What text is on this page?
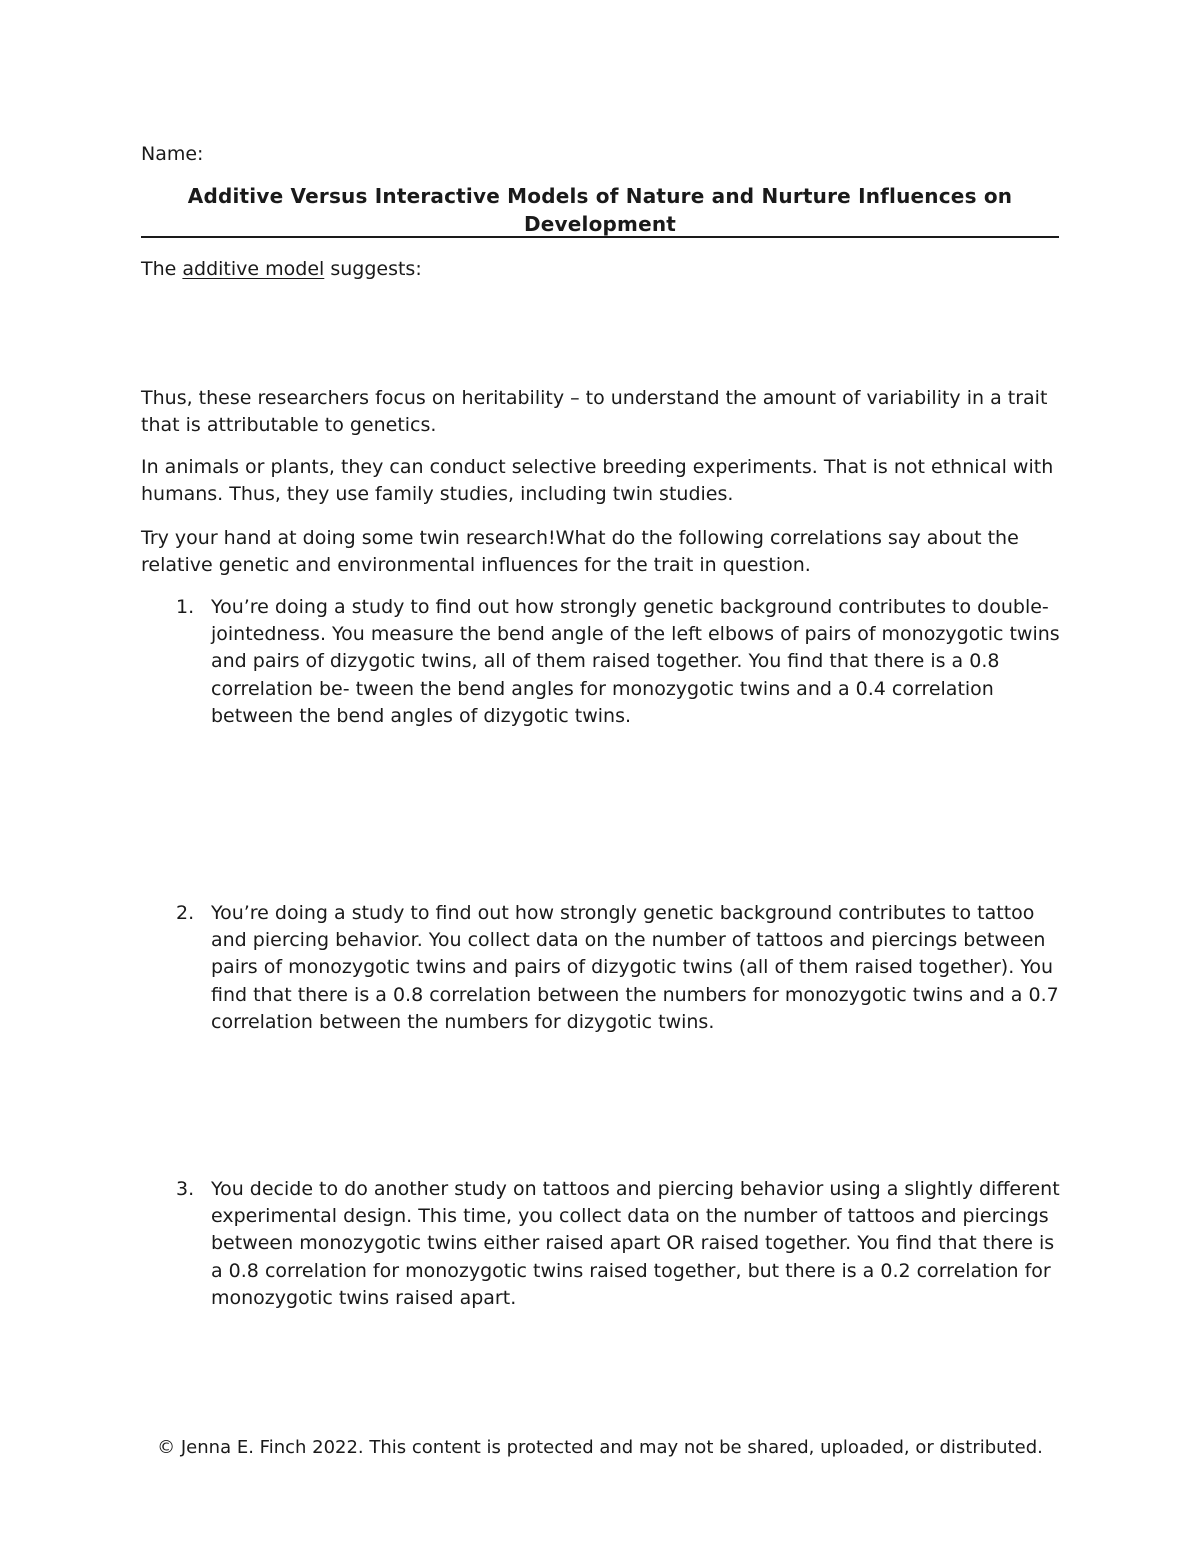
Name:
Additive Versus Interactive Models of Nature and Nurture Influences on Development
The additive model suggests:
Thus, these researchers focus on heritability – to understand the amount of variability in a trait that is attributable to genetics.
In animals or plants, they can conduct selective breeding experiments. That is not ethnical with humans. Thus, they use family studies, including twin studies.
Try your hand at doing some twin research!What do the following correlations say about the relative genetic and environmental influences for the trait in question.
1. You’re doing a study to find out how strongly genetic background contributes to double- jointedness. You measure the bend angle of the left elbows of pairs of monozygotic twins and pairs of dizygotic twins, all of them raised together. You find that there is a 0.8 correlation be- tween the bend angles for monozygotic twins and a 0.4 correlation between the bend angles of dizygotic twins.
2. You’re doing a study to find out how strongly genetic background contributes to tattoo and piercing behavior. You collect data on the number of tattoos and piercings between pairs of monozygotic twins and pairs of dizygotic twins (all of them raised together). You find that there is a 0.8 correlation between the numbers for monozygotic twins and a 0.7 correlation between the numbers for dizygotic twins.
3. You decide to do another study on tattoos and piercing behavior using a slightly different experimental design. This time, you collect data on the number of tattoos and piercings between monozygotic twins either raised apart OR raised together. You find that there is a 0.8 correlation for monozygotic twins raised together, but there is a 0.2 correlation for monozygotic twins raised apart.
© Jenna E. Finch 2022. This content is protected and may not be shared, uploaded, or distributed.
